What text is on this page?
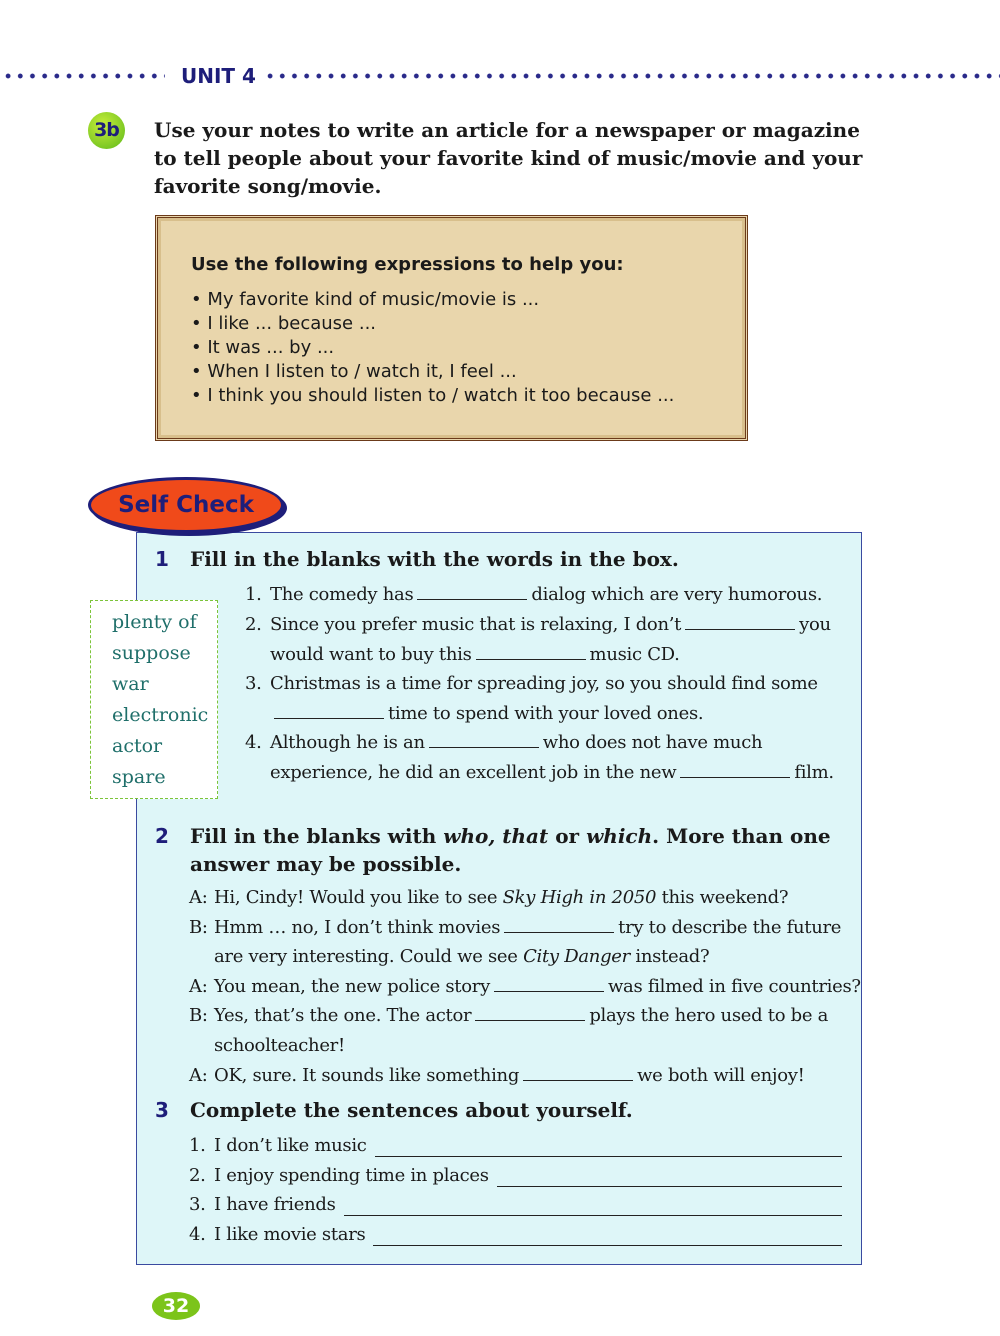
UNIT 4
3b	Use your notes to write an article for a newspaper or magazine to tell people about your favorite kind of music/movie and your favorite song/movie.
Use the following expressions to help you:
• My favorite kind of music/movie is ...
• I like ... because ...
• It was ... by ...
• When I listen to / watch it, I feel ...
• I think you should listen to / watch it too because ...
Self Check
plenty of
suppose
war
electronic
actor
spare
1 Fill in the blanks with the words in the box.
2 Fill in the blanks with who, that or which. More than one
answer may be possible.
3 Complete the sentences about yourself.
1. The comedy has	dialog which are very humorous.
2. Since you prefer music that is relaxing, I don’t	you
would want to buy this	music CD.
3. Christmas is a time for spreading joy, so you should find some
time to spend with your loved ones.
4. Although he is an	who does not have much
experience, he did an excellent job in the new	film.
A: Hi, Cindy! Would you like to see Sky High in 2050 this weekend?
B: Hmm … no, I don’t think movies	try to describe the future
are very interesting. Could we see City Danger instead?
A: You mean, the new police story	was filmed in five countries?
B: Yes, that’s the one. The actor	plays the hero used to be a
schoolteacher!
A: OK, sure. It sounds like something	we both will enjoy!
1. I don’t like music
2. I enjoy spending time in places
3. I have friends
4. I like movie stars
32
